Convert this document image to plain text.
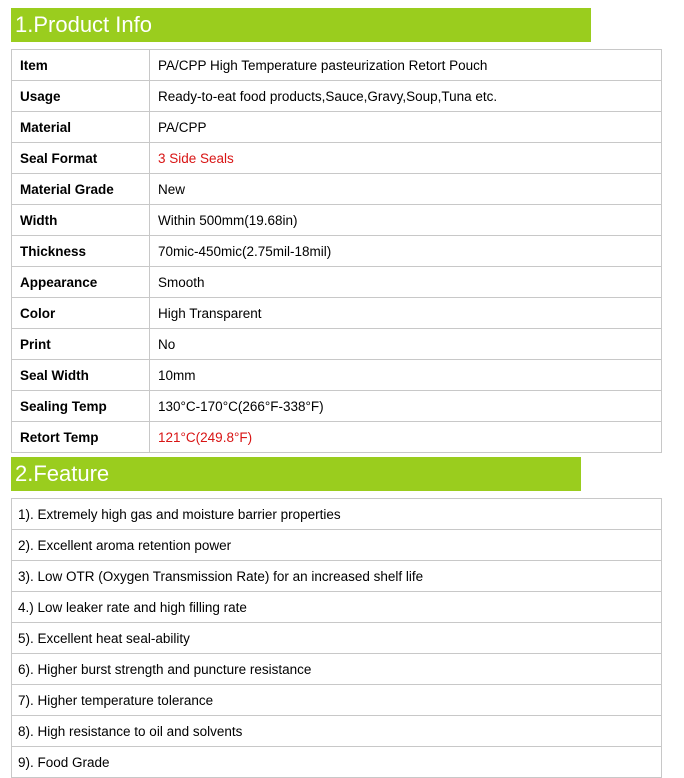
1.Product Info
Item	PA/CPP High Temperature pasteurization Retort Pouch
Usage	Ready-to-eat food products,Sauce,Gravy,Soup,Tuna etc.
Material	PA/CPP
Seal Format	3 Side Seals
Material Grade	New
Width	Within 500mm(19.68in)
Thickness	70mic-450mic(2.75mil-18mil)
Appearance	Smooth
Color	High Transparent
Print	No
Seal Width	10mm
Sealing Temp	130°C-170°C(266°F-338°F)
Retort Temp	121°C(249.8°F)
2.Feature
1). Extremely high gas and moisture barrier properties
2). Excellent aroma retention power
3). Low OTR (Oxygen Transmission Rate) for an increased shelf life
4.) Low leaker rate and high filling rate
5). Excellent heat seal-ability
6). Higher burst strength and puncture resistance
7). Higher temperature tolerance
8). High resistance to oil and solvents
9). Food Grade
